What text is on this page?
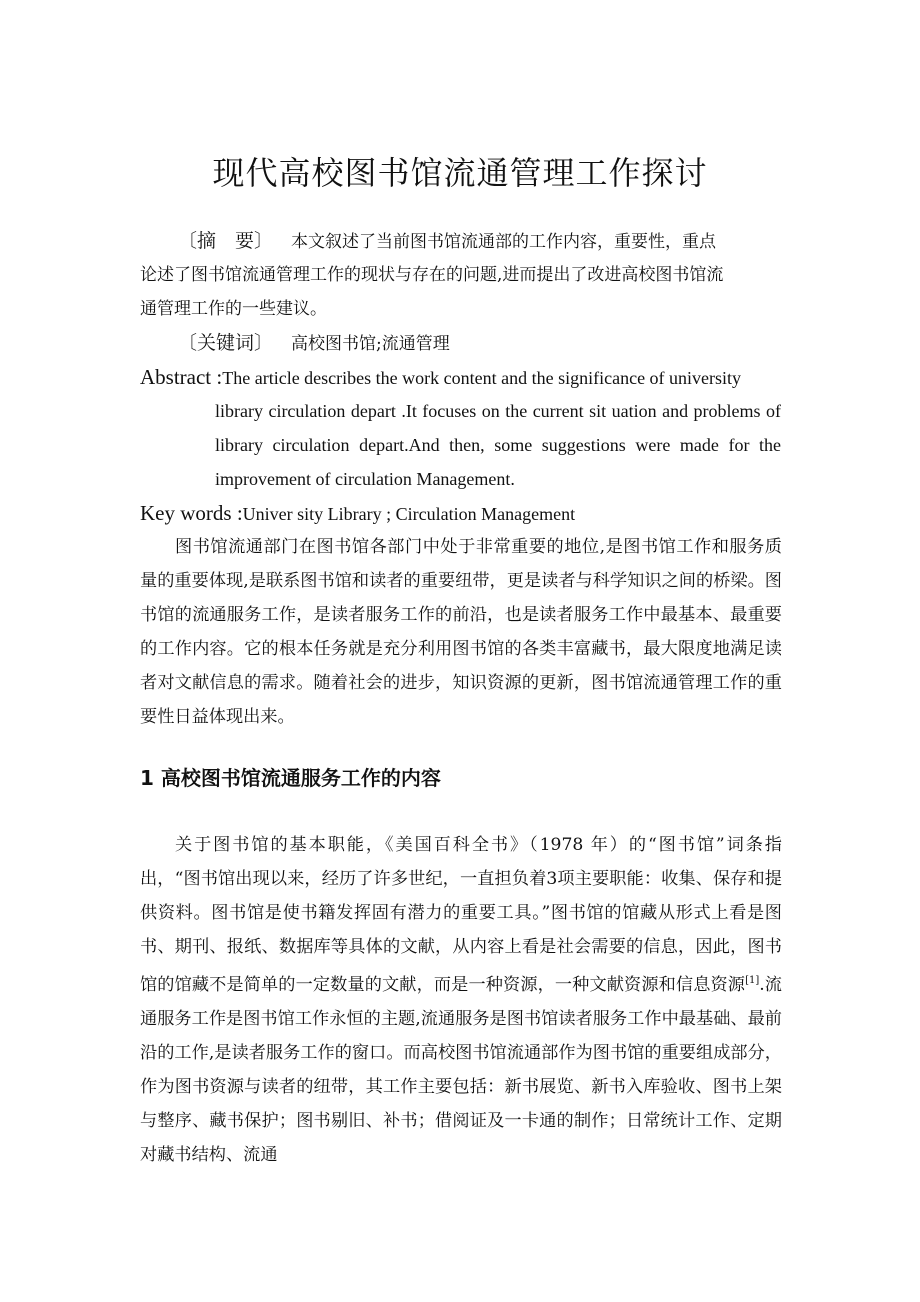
现代高校图书馆流通管理工作探讨
〔摘　要〕 本文叙述了当前图书馆流通部的工作内容，重要性，重点
论述了图书馆流通管理工作的现状与存在的问题,进而提出了改进高校图书馆流
通管理工作的一些建议。
〔关键词〕 高校图书馆;流通管理
Abstract :The article describes the work content and the significance of university

library circulation depart .It focuses on the current sit uation and problems of library circulation depart.And then, some suggestions were made for the improvement of circulation Management.

Key words :Univer sity Library ; Circulation Management

图书馆流通部门在图书馆各部门中处于非常重要的地位,是图书馆工作和服务质量的重要体现,是联系图书馆和读者的重要纽带，更是读者与科学知识之间的桥梁。图书馆的流通服务工作，是读者服务工作的前沿，也是读者服务工作中最基本、最重要的工作内容。它的根本任务就是充分利用图书馆的各类丰富藏书，最大限度地满足读者对文献信息的需求。随着社会的进步，知识资源的更新，图书馆流通管理工作的重要性日益体现出来。

1 高校图书馆流通服务工作的内容

关于图书馆的基本职能，《美国百科全书》（1978 年）的“图书馆”词条指出，“图书馆出现以来，经历了许多世纪，一直担负着3项主要职能：收集、保存和提供资料。图书馆是使书籍发挥固有潜力的重要工具。”图书馆的馆藏从形式上看是图书、期刊、报纸、数据库等具体的文献，从内容上看是社会需要的信息，因此，图书馆的馆藏不是简单的一定数量的文献，而是一种资源，一种文献资源和信息资源[1].流通服务工作是图书馆工作永恒的主题,流通服务是图书馆读者服务工作中最基础、最前沿的工作,是读者服务工作的窗口。而高校图书馆流通部作为图书馆的重要组成部分，作为图书资源与读者的纽带，其工作主要包括：新书展览、新书入库验收、图书上架与整序、藏书保护；图书剔旧、补书；借阅证及一卡通的制作；日常统计工作、定期对藏书结构、流通
